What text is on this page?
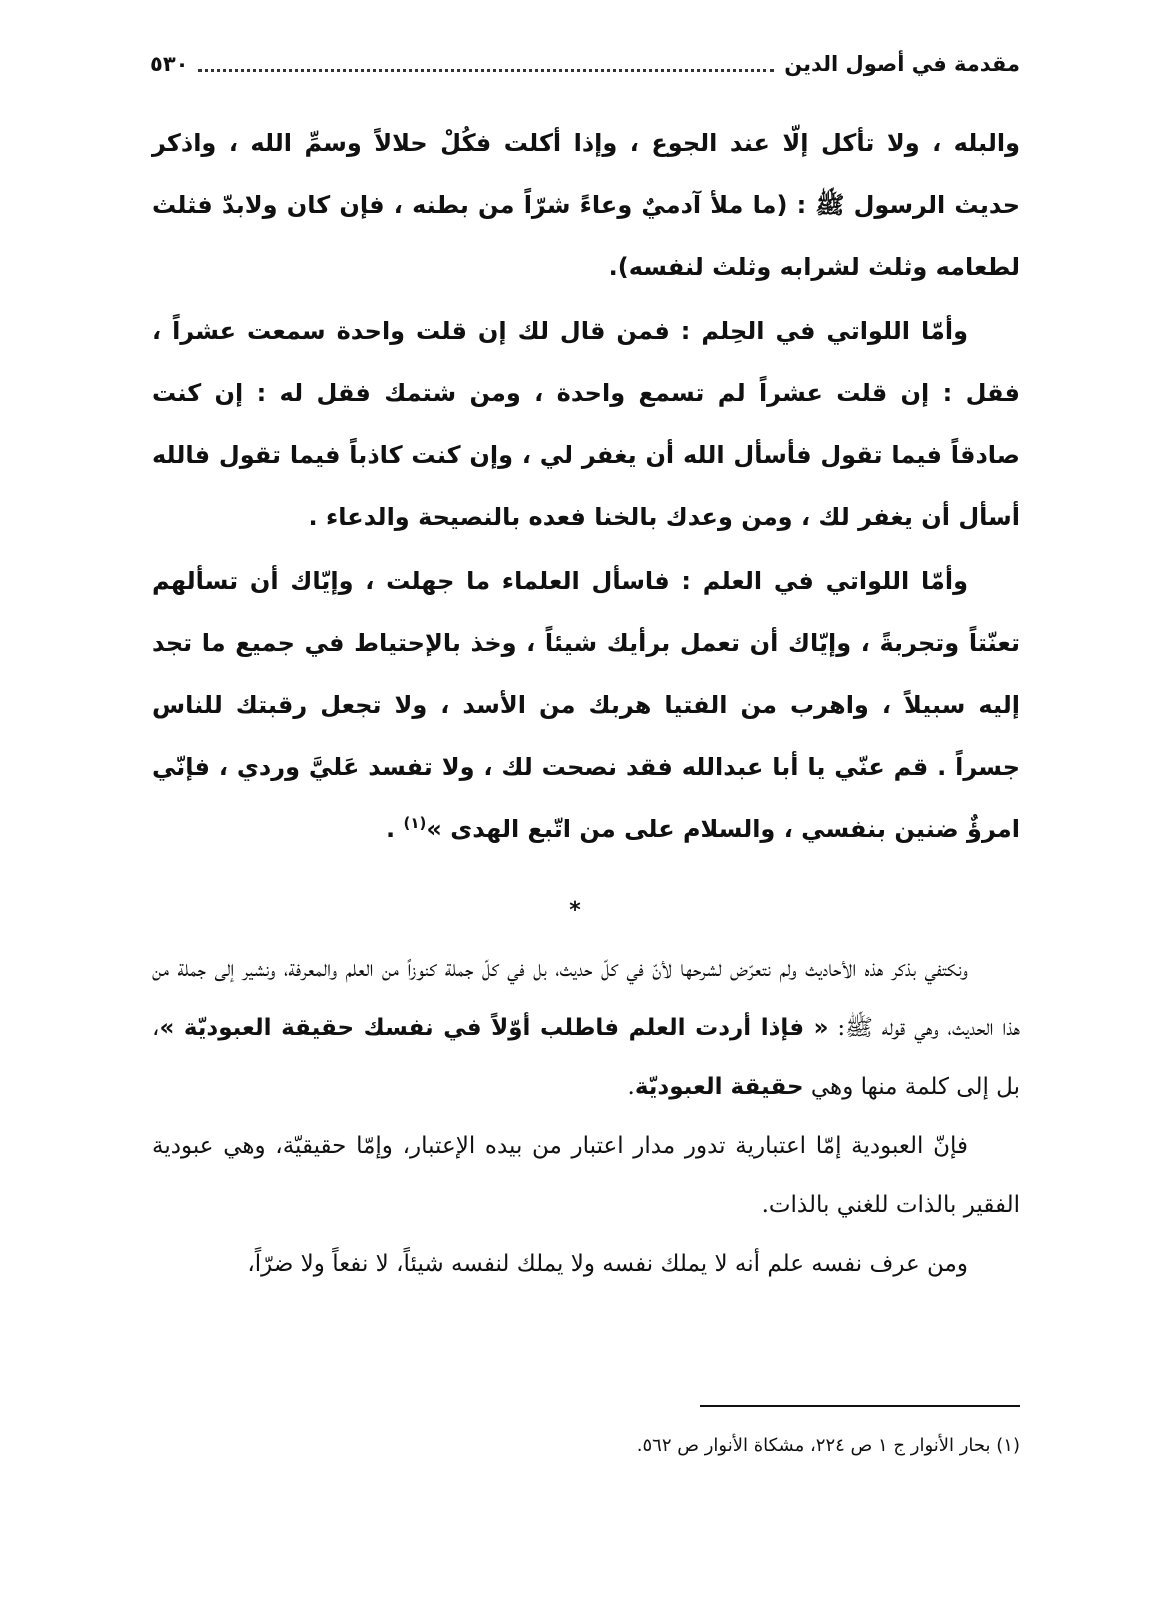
٥٣٠	مقدمة في أصول الدين

والبله ، ولا تأكل إلّا عند الجوع ، وإذا أكلت فكُلْ حلالاً وسمِّ الله ، واذكر حديث الرسول ﷺ : (ما ملأ آدميٌ وعاءً شرّاً من بطنه ، فإن كان ولابدّ فثلث لطعامه وثلث لشرابه وثلث لنفسه).

وأمّا اللواتي في الحِلم : فمن قال لك إن قلت واحدة سمعت عشراً ، فقل : إن قلت عشراً لم تسمع واحدة ، ومن شتمك فقل له : إن كنت صادقاً فيما تقول فأسأل الله أن يغفر لي ، وإن كنت كاذباً فيما تقول فالله أسأل أن يغفر لك ، ومن وعدك بالخنا فعده بالنصيحة والدعاء .

وأمّا اللواتي في العلم : فاسأل العلماء ما جهلت ، وإيّاك أن تسألهم تعنّتاً وتجربةً ، وإيّاك أن تعمل برأيك شيئاً ، وخذ بالإحتياط في جميع ما تجد إليه سبيلاً ، واهرب من الفتيا هربك من الأسد ، ولا تجعل رقبتك للناس جسراً . قم عنّي يا أبا عبدالله فقد نصحت لك ، ولا تفسد عَليَّ وردي ، فإنّي امرؤٌ ضنين بنفسي ، والسلام على من اتّبع الهدى »$^{(١)}$ .

*

ونكتفي بذكر هذه الأحاديث ولم نتعرّض لشرحها لأنّ في كلّ حديث، بل في كلّ جملة كنوزاً من العلم والمعرفة، ونشير إلى جملة من هذا الحديث، وهي قوله ﷺ: « فإذا أردت العلم فاطلب أوّلاً في نفسك حقيقة العبوديّة »، بل إلى كلمة منها وهي حقيقة العبوديّة.

فإنّ العبودية إمّا اعتبارية تدور مدار اعتبار من بيده الإعتبار، وإمّا حقيقيّة، وهي عبودية الفقير بالذات للغني بالذات.

ومن عرف نفسه علم أنه لا يملك نفسه ولا يملك لنفسه شيئاً، لا نفعاً ولا ضرّاً،

(١) بحار الأنوار ج ١ ص ٢٢٤، مشكاة الأنوار ص ٥٦٢.
